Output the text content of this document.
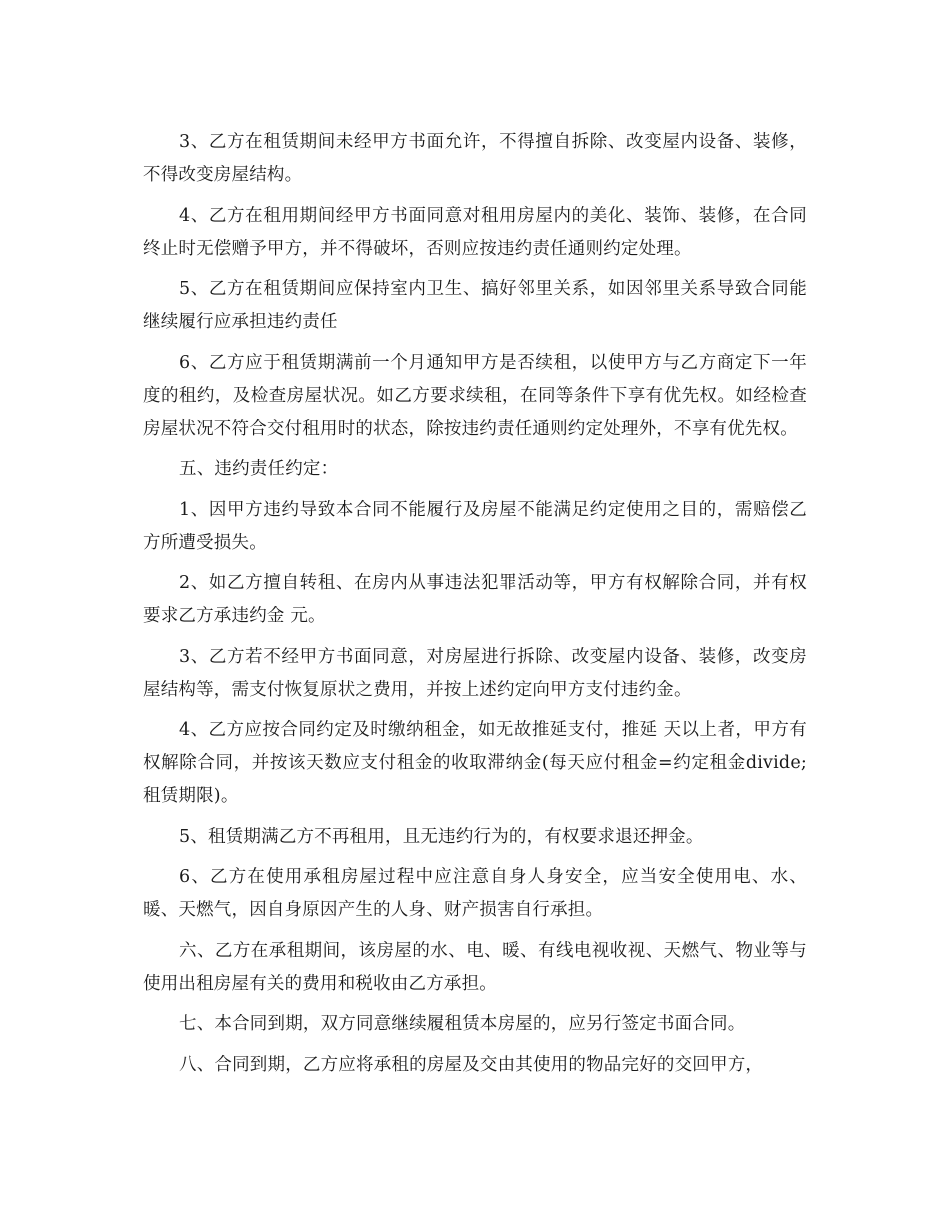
3、乙方在租赁期间未经甲方书面允许，不得擅自拆除、改变屋内设备、装修，不得改变房屋结构。

4、乙方在租用期间经甲方书面同意对租用房屋内的美化、装饰、装修，在合同终止时无偿赠予甲方，并不得破坏，否则应按违约责任通则约定处理。

5、乙方在租赁期间应保持室内卫生、搞好邻里关系，如因邻里关系导致合同能继续履行应承担违约责任

6、乙方应于租赁期满前一个月通知甲方是否续租，以使甲方与乙方商定下一年度的租约，及检查房屋状况。如乙方要求续租，在同等条件下享有优先权。如经检查房屋状况不符合交付租用时的状态，除按违约责任通则约定处理外，不享有优先权。

五、违约责任约定：

1、因甲方违约导致本合同不能履行及房屋不能满足约定使用之目的，需赔偿乙方所遭受损失。

2、如乙方擅自转租、在房内从事违法犯罪活动等，甲方有权解除合同，并有权要求乙方承违约金 元。

3、乙方若不经甲方书面同意，对房屋进行拆除、改变屋内设备、装修，改变房屋结构等，需支付恢复原状之费用，并按上述约定向甲方支付违约金。

4、乙方应按合同约定及时缴纳租金，如无故推延支付，推延 天以上者，甲方有权解除合同，并按该天数应支付租金的收取滞纳金(每天应付租金=约定租金divide;租赁期限)。

5、租赁期满乙方不再租用，且无违约行为的，有权要求退还押金。

6、乙方在使用承租房屋过程中应注意自身人身安全，应当安全使用电、水、暖、天燃气，因自身原因产生的人身、财产损害自行承担。

六、乙方在承租期间，该房屋的水、电、暖、有线电视收视、天燃气、物业等与使用出租房屋有关的费用和税收由乙方承担。

七、本合同到期，双方同意继续履租赁本房屋的，应另行签定书面合同。

八、合同到期，乙方应将承租的房屋及交由其使用的物品完好的交回甲方，
